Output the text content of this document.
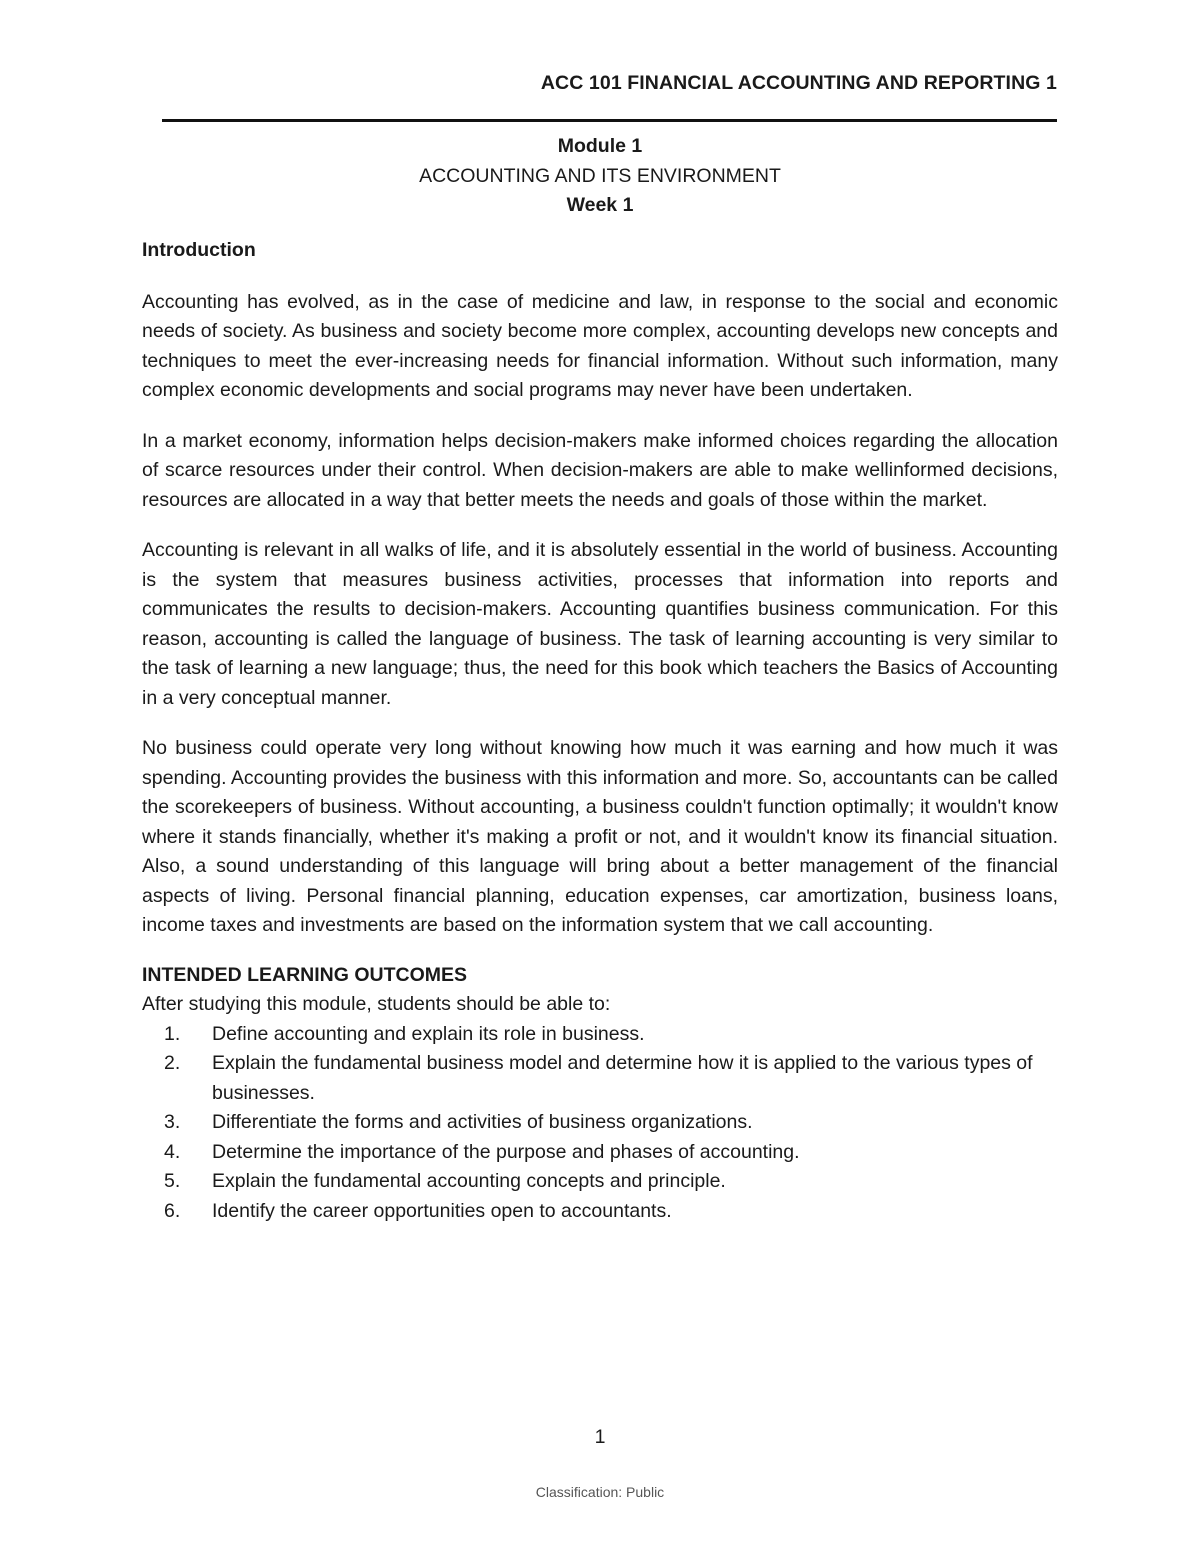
ACC 101 FINANCIAL ACCOUNTING AND REPORTING 1
Module 1
ACCOUNTING AND ITS ENVIRONMENT
Week 1
Introduction

Accounting has evolved, as in the case of medicine and law, in response to the social and economic needs of society. As business and society become more complex, accounting develops new concepts and techniques to meet the ever-increasing needs for financial information. Without such information, many complex economic developments and social programs may never have been undertaken.

In a market economy, information helps decision-makers make informed choices regarding the allocation of scarce resources under their control. When decision-makers are able to make wellinformed decisions, resources are allocated in a way that better meets the needs and goals of those within the market.

Accounting is relevant in all walks of life, and it is absolutely essential in the world of business. Accounting is the system that measures business activities, processes that information into reports and communicates the results to decision-makers. Accounting quantifies business communication. For this reason, accounting is called the language of business. The task of learning accounting is very similar to the task of learning a new language; thus, the need for this book which teachers the Basics of Accounting in a very conceptual manner.

No business could operate very long without knowing how much it was earning and how much it was spending. Accounting provides the business with this information and more. So, accountants can be called the scorekeepers of business. Without accounting, a business couldn't function optimally; it wouldn't know where it stands financially, whether it's making a profit or not, and it wouldn't know its financial situation. Also, a sound understanding of this language will bring about a better management of the financial aspects of living. Personal financial planning, education expenses, car amortization, business loans, income taxes and investments are based on the information system that we call accounting.

INTENDED LEARNING OUTCOMES
After studying this module, students should be able to:
1.	Define accounting and explain its role in business.
2.	Explain the fundamental business model and determine how it is applied to the various types of businesses.
3.	Differentiate the forms and activities of business organizations.
4.	Determine the importance of the purpose and phases of accounting.
5.	Explain the fundamental accounting concepts and principle.
6.	Identify the career opportunities open to accountants.
1
Classification: Public
